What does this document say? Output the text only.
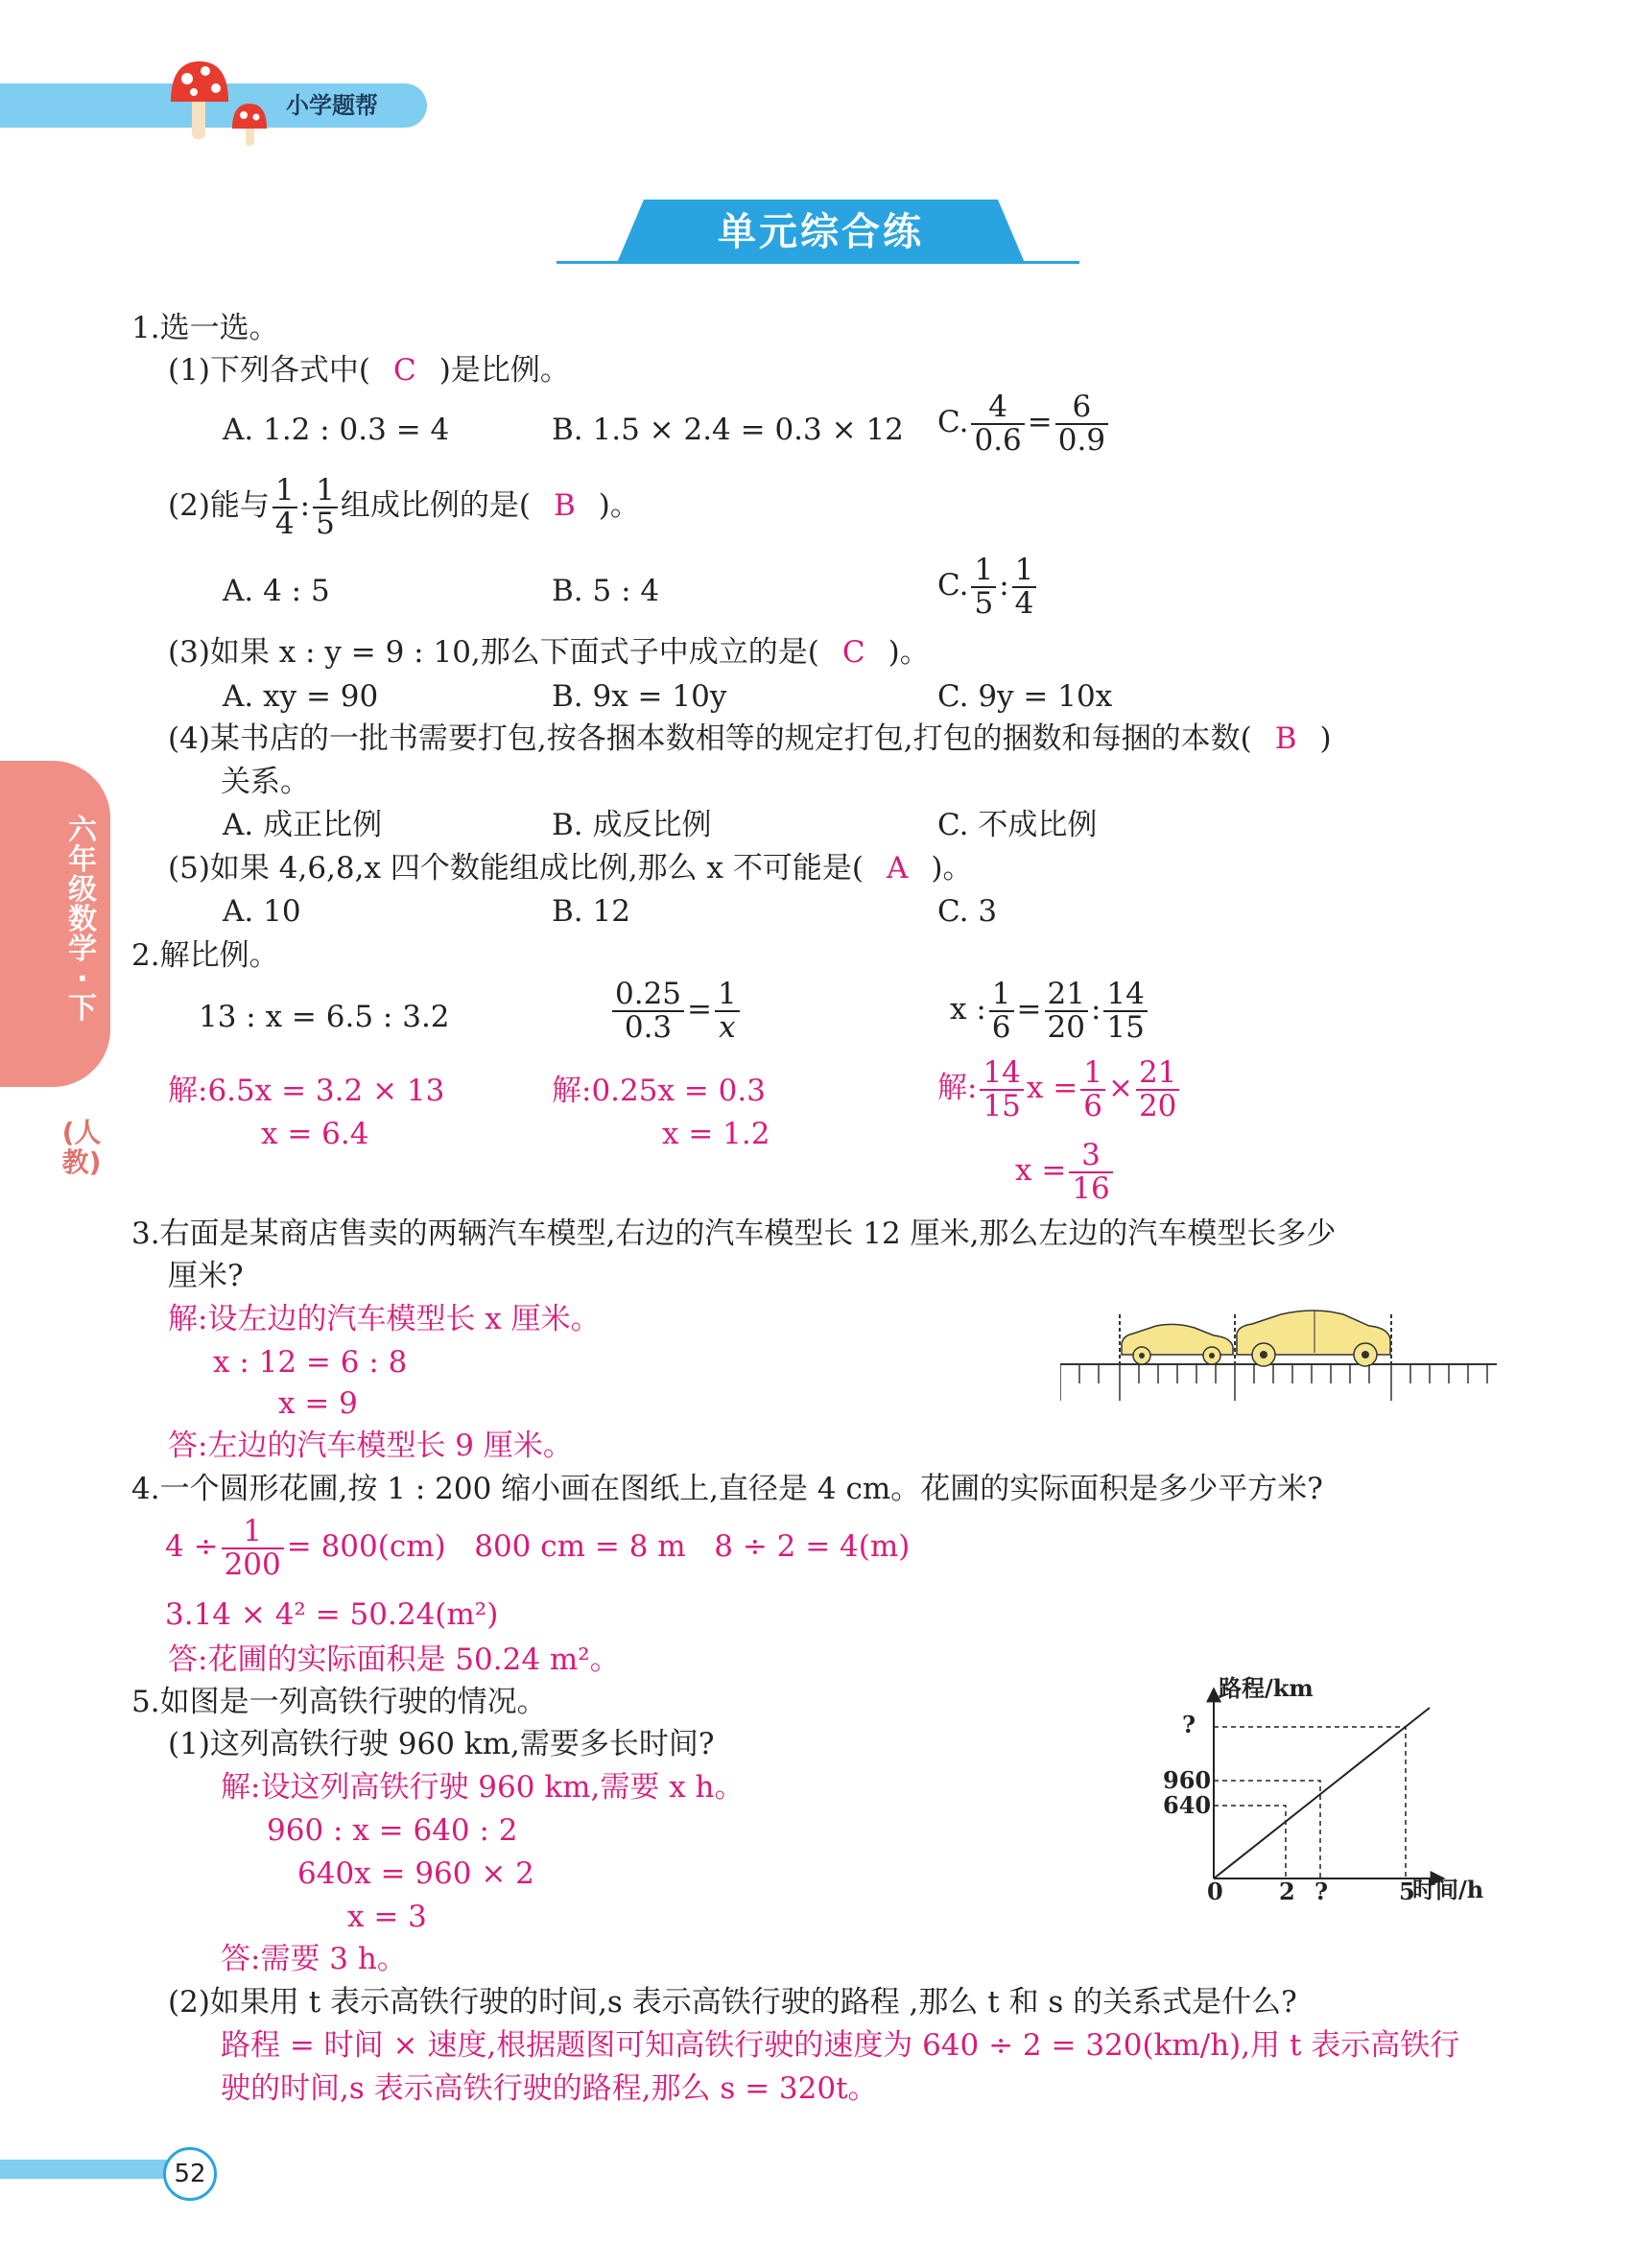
小学题帮
单元综合练
六年级数学·下
(人教)
1.选一选。
(1)下列各式中( C )是比例。
A. 1.2 : 0.3 = 4	B. 1.5 × 2.4 = 0.3 × 12 C. $\frac{4}{0.6} = \frac{6}{0.9}$
(2)能与 $\frac{1}{4}$ : $\frac{1}{5}$ 组成比例的是( B )。
A. 4 : 5	B. 5 : 4	C. $\frac{1}{5}$ : $\frac{1}{4}$
(3)如果 x : y = 9 : 10,那么下面式子中成立的是( C )。
A. xy = 90	B. 9x = 10y	C. 9y = 10x
(4)某书店的一批书需要打包,按各捆本数相等的规定打包,打包的捆数和每捆的本数( B )
关系。
A. 成正比例	B. 成反比例	C. 不成比例
(5)如果 4,6,8,x 四个数能组成比例,那么 x 不可能是( A )。
A. 10	B. 12	C. 3
2.解比例。
13 : x = 6.5 : 3.2	$\frac{0.25}{0.3} = \frac{1}{x}$	x : $\frac{1}{6} = \frac{21}{20}$ : $\frac{14}{15}$
解:6.5x = 3.2 × 13
x = 6.4
解:0.25x = 0.3
x = 1.2
解: $\frac{14}{15}$ $x = \frac{1}{6} \times \frac{21}{20}$
$x = \frac{3}{16}$
3.右面是某商店售卖的两辆汽车模型,右边的汽车模型长 12 厘米,那么左边的汽车模型长多少
厘米?
解:设左边的汽车模型长 x 厘米。
x : 12 = 6 : 8
x = 9
答:左边的汽车模型长 9 厘米。
4.一个圆形花圃,按 1 : 200 缩小画在图纸上,直径是 4 cm。花圃的实际面积是多少平方米?
$4 \div \frac{1}{200} = 800(cm)$   800 cm = 8 m   8 ÷ 2 = 4(m)
3.14 × 4² = 50.24(m²)
答:花圃的实际面积是 50.24 m²。
5.如图是一列高铁行驶的情况。
(1)这列高铁行驶 960 km,需要多长时间?
解:设这列高铁行驶 960 km,需要 x h。
960 : x = 640 : 2
640x = 960 × 2
x = 3
答:需要 3 h。
(2)如果用 t 表示高铁行驶的时间,s 表示高铁行驶的路程 ,那么 t 和 s 的关系式是什么?
路程 = 时间 × 速度,根据题图可知高铁行驶的速度为 640 ÷ 2 = 320(km/h),用 t 表示高铁行
驶的时间,s 表示高铁行驶的路程,那么 s = 320t。
路程/km
时间/h
?
960
640
0 2 ?	5
52
